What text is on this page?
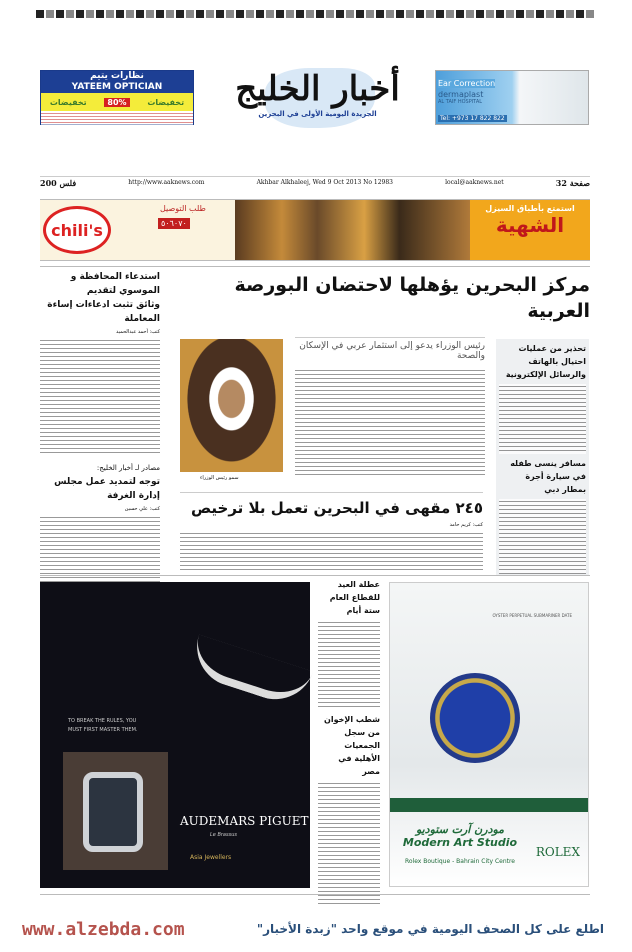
نظارات يتيم
YATEEM OPTICIAN
تخفيضات	80%	تخفيضات	أخبار الخليج
الجريدة اليومية الأولى في البحرين
Ear Correction
dermaplast
AL TAIF HOSPITAL
Tel: +973 17 822 822
200 فلس	http://www.aaknews.com	Akhbar Alkhaleej, Wed 9 Oct 2013 No 12983	local@aaknews.net	32 صفحة
chili's
طلب التوصيل
٥٠٦٠٧٠
استمتع بأطباق السيزل
الشهية
مركز البحرين يؤهلها لاحتضان البورصة العربية
استدعاء المحافظة و الموسوي لتقديم
وثائق تثبت ادعاءات إساءة المعاملة
كتب: أحمد عبدالحميد
مصادر لـ أخبار الخليج:
توجه لتمديد عمل مجلس إدارة الغرفة
كتب: علي حسين
سمو رئيس الوزراء
رئيس الوزراء يدعو إلى استثمار عربي في الإسكان والصحة
تحذير من عمليات احتيال بالهاتف والرسائل الإلكترونية
مسافر ينسى طفله في سيارة أجرة بمطار دبي
٢٤٥ مقهى في البحرين تعمل بلا ترخيص
كتب: كريم حامد
TO BREAK THE RULES, YOU MUST FIRST MASTER THEM.
AUDEMARS PIGUET
Le Brassus
Asia Jewellers
عطلة العيد للقطاع العام ستة أيام
شطب الإخوان من سجل الجمعيات الأهلية في مصر
OYSTER PERPETUAL SUBMARINER DATE
مودرن آرت ستوديو
Modern Art Studio
Rolex Boutique - Bahrain City Centre
ROLEX
www.alzebda.com	اطلع على كل الصحف اليومية في موقع واحد "زبدة الأخبار"
